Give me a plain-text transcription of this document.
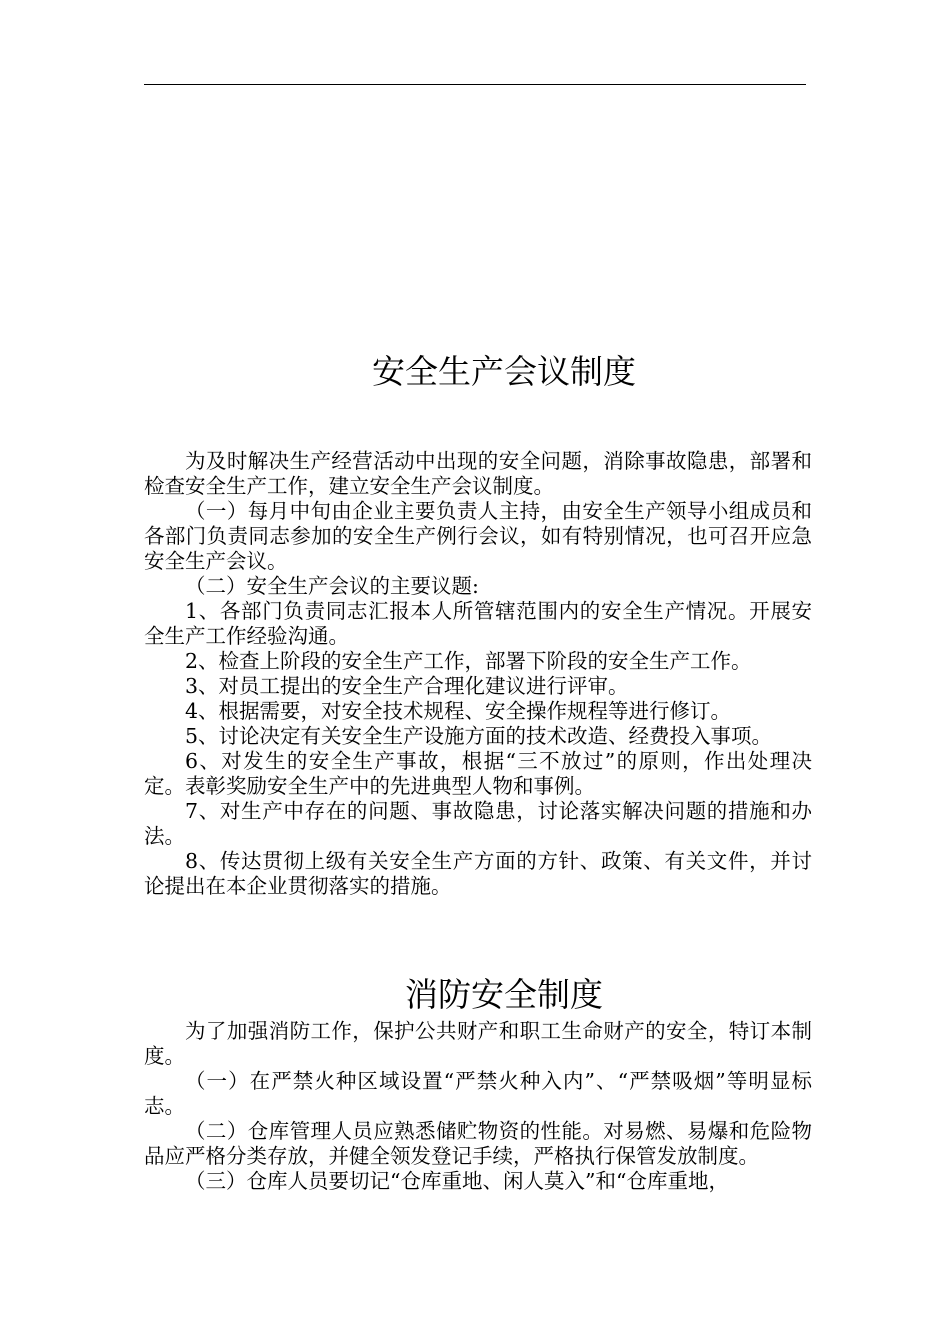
安全生产会议制度

为及时解决生产经营活动中出现的安全问题，消除事故隐患，部署和检查安全生产工作，建立安全生产会议制度。

（一）每月中旬由企业主要负责人主持，由安全生产领导小组成员和各部门负责同志参加的安全生产例行会议，如有特别情况，也可召开应急安全生产会议。

（二）安全生产会议的主要议题:

1、各部门负责同志汇报本人所管辖范围内的安全生产情况。开展安全生产工作经验沟通。

2、检查上阶段的安全生产工作，部署下阶段的安全生产工作。

3、对员工提出的安全生产合理化建议进行评审。

4、根据需要，对安全技术规程、安全操作规程等进行修订。

5、讨论决定有关安全生产设施方面的技术改造、经费投入事项。

6、对发生的安全生产事故，根据“三不放过”的原则，作出处理决定。表彰奖励安全生产中的先进典型人物和事例。

7、对生产中存在的问题、事故隐患，讨论落实解决问题的措施和办法。

8、传达贯彻上级有关安全生产方面的方针、政策、有关文件，并讨论提出在本企业贯彻落实的措施。

消防安全制度

为了加强消防工作，保护公共财产和职工生命财产的安全，特订本制度。

（一）在严禁火种区域设置“严禁火种入内”、“严禁吸烟”等明显标志。

（二）仓库管理人员应熟悉储贮物资的性能。对易燃、易爆和危险物品应严格分类存放，并健全领发登记手续，严格执行保管发放制度。

（三）仓库人员要切记“仓库重地、闲人莫入”和“仓库重地，
